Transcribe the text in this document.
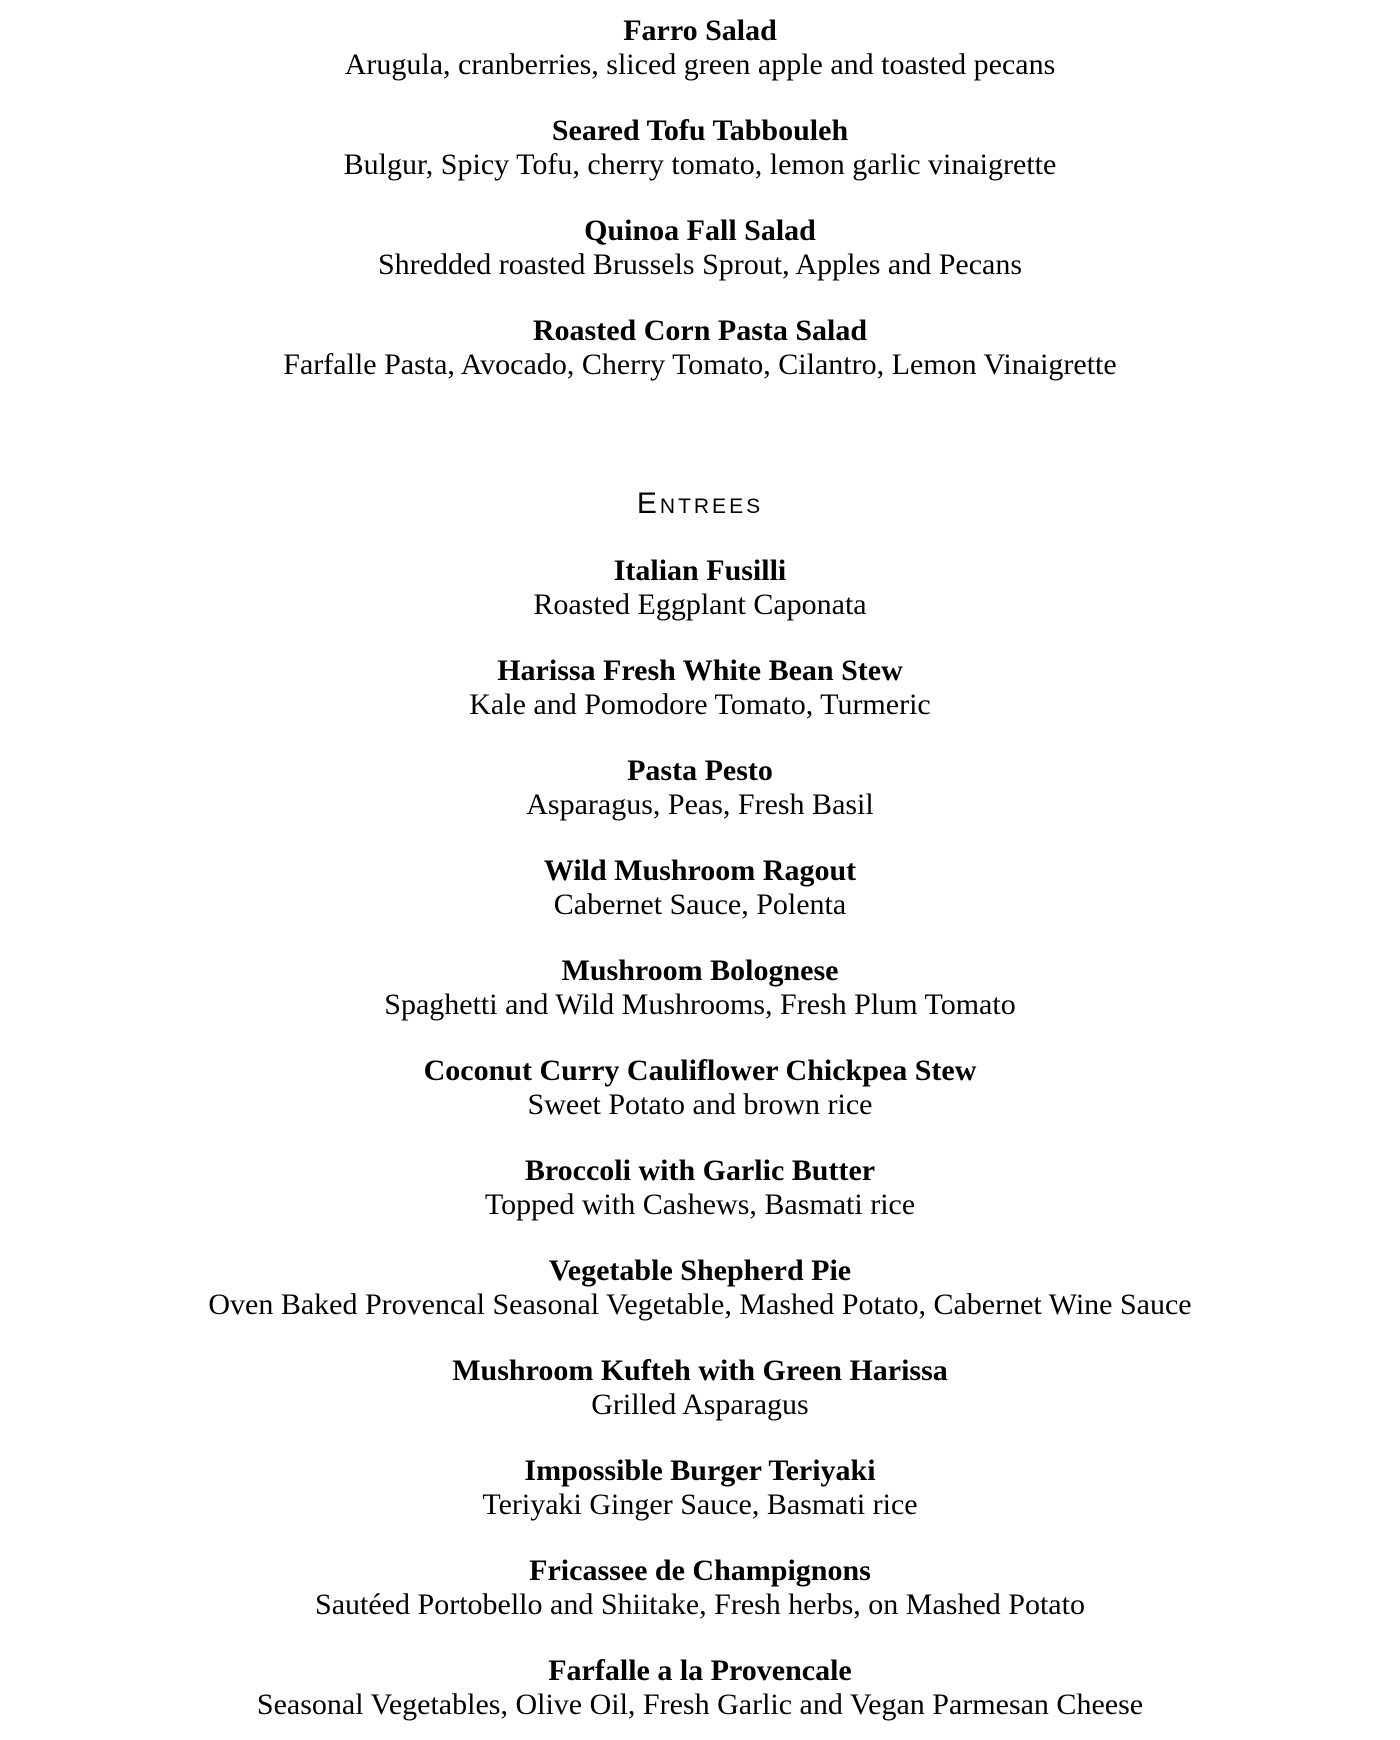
Farro Salad
Arugula, cranberries, sliced green apple and toasted pecans
Seared Tofu Tabbouleh
Bulgur, Spicy Tofu, cherry tomato, lemon garlic vinaigrette
Quinoa Fall Salad
Shredded roasted Brussels Sprout, Apples and Pecans
Roasted Corn Pasta Salad
Farfalle Pasta, Avocado, Cherry Tomato, Cilantro, Lemon Vinaigrette
Entrees
Italian Fusilli
Roasted Eggplant Caponata
Harissa Fresh White Bean Stew
Kale and Pomodore Tomato, Turmeric
Pasta Pesto
Asparagus, Peas, Fresh Basil
Wild Mushroom Ragout
Cabernet Sauce, Polenta
Mushroom Bolognese
Spaghetti and Wild Mushrooms, Fresh Plum Tomato
Coconut Curry Cauliflower Chickpea Stew
Sweet Potato and brown rice
Broccoli with Garlic Butter
Topped with Cashews, Basmati rice
Vegetable Shepherd Pie
Oven Baked Provencal Seasonal Vegetable, Mashed Potato, Cabernet Wine Sauce
Mushroom Kufteh with Green Harissa
Grilled Asparagus
Impossible Burger Teriyaki
Teriyaki Ginger Sauce, Basmati rice
Fricassee de Champignons
Sautéed Portobello and Shiitake, Fresh herbs, on Mashed Potato
Farfalle a la Provencale
Seasonal Vegetables, Olive Oil, Fresh Garlic and Vegan Parmesan Cheese
